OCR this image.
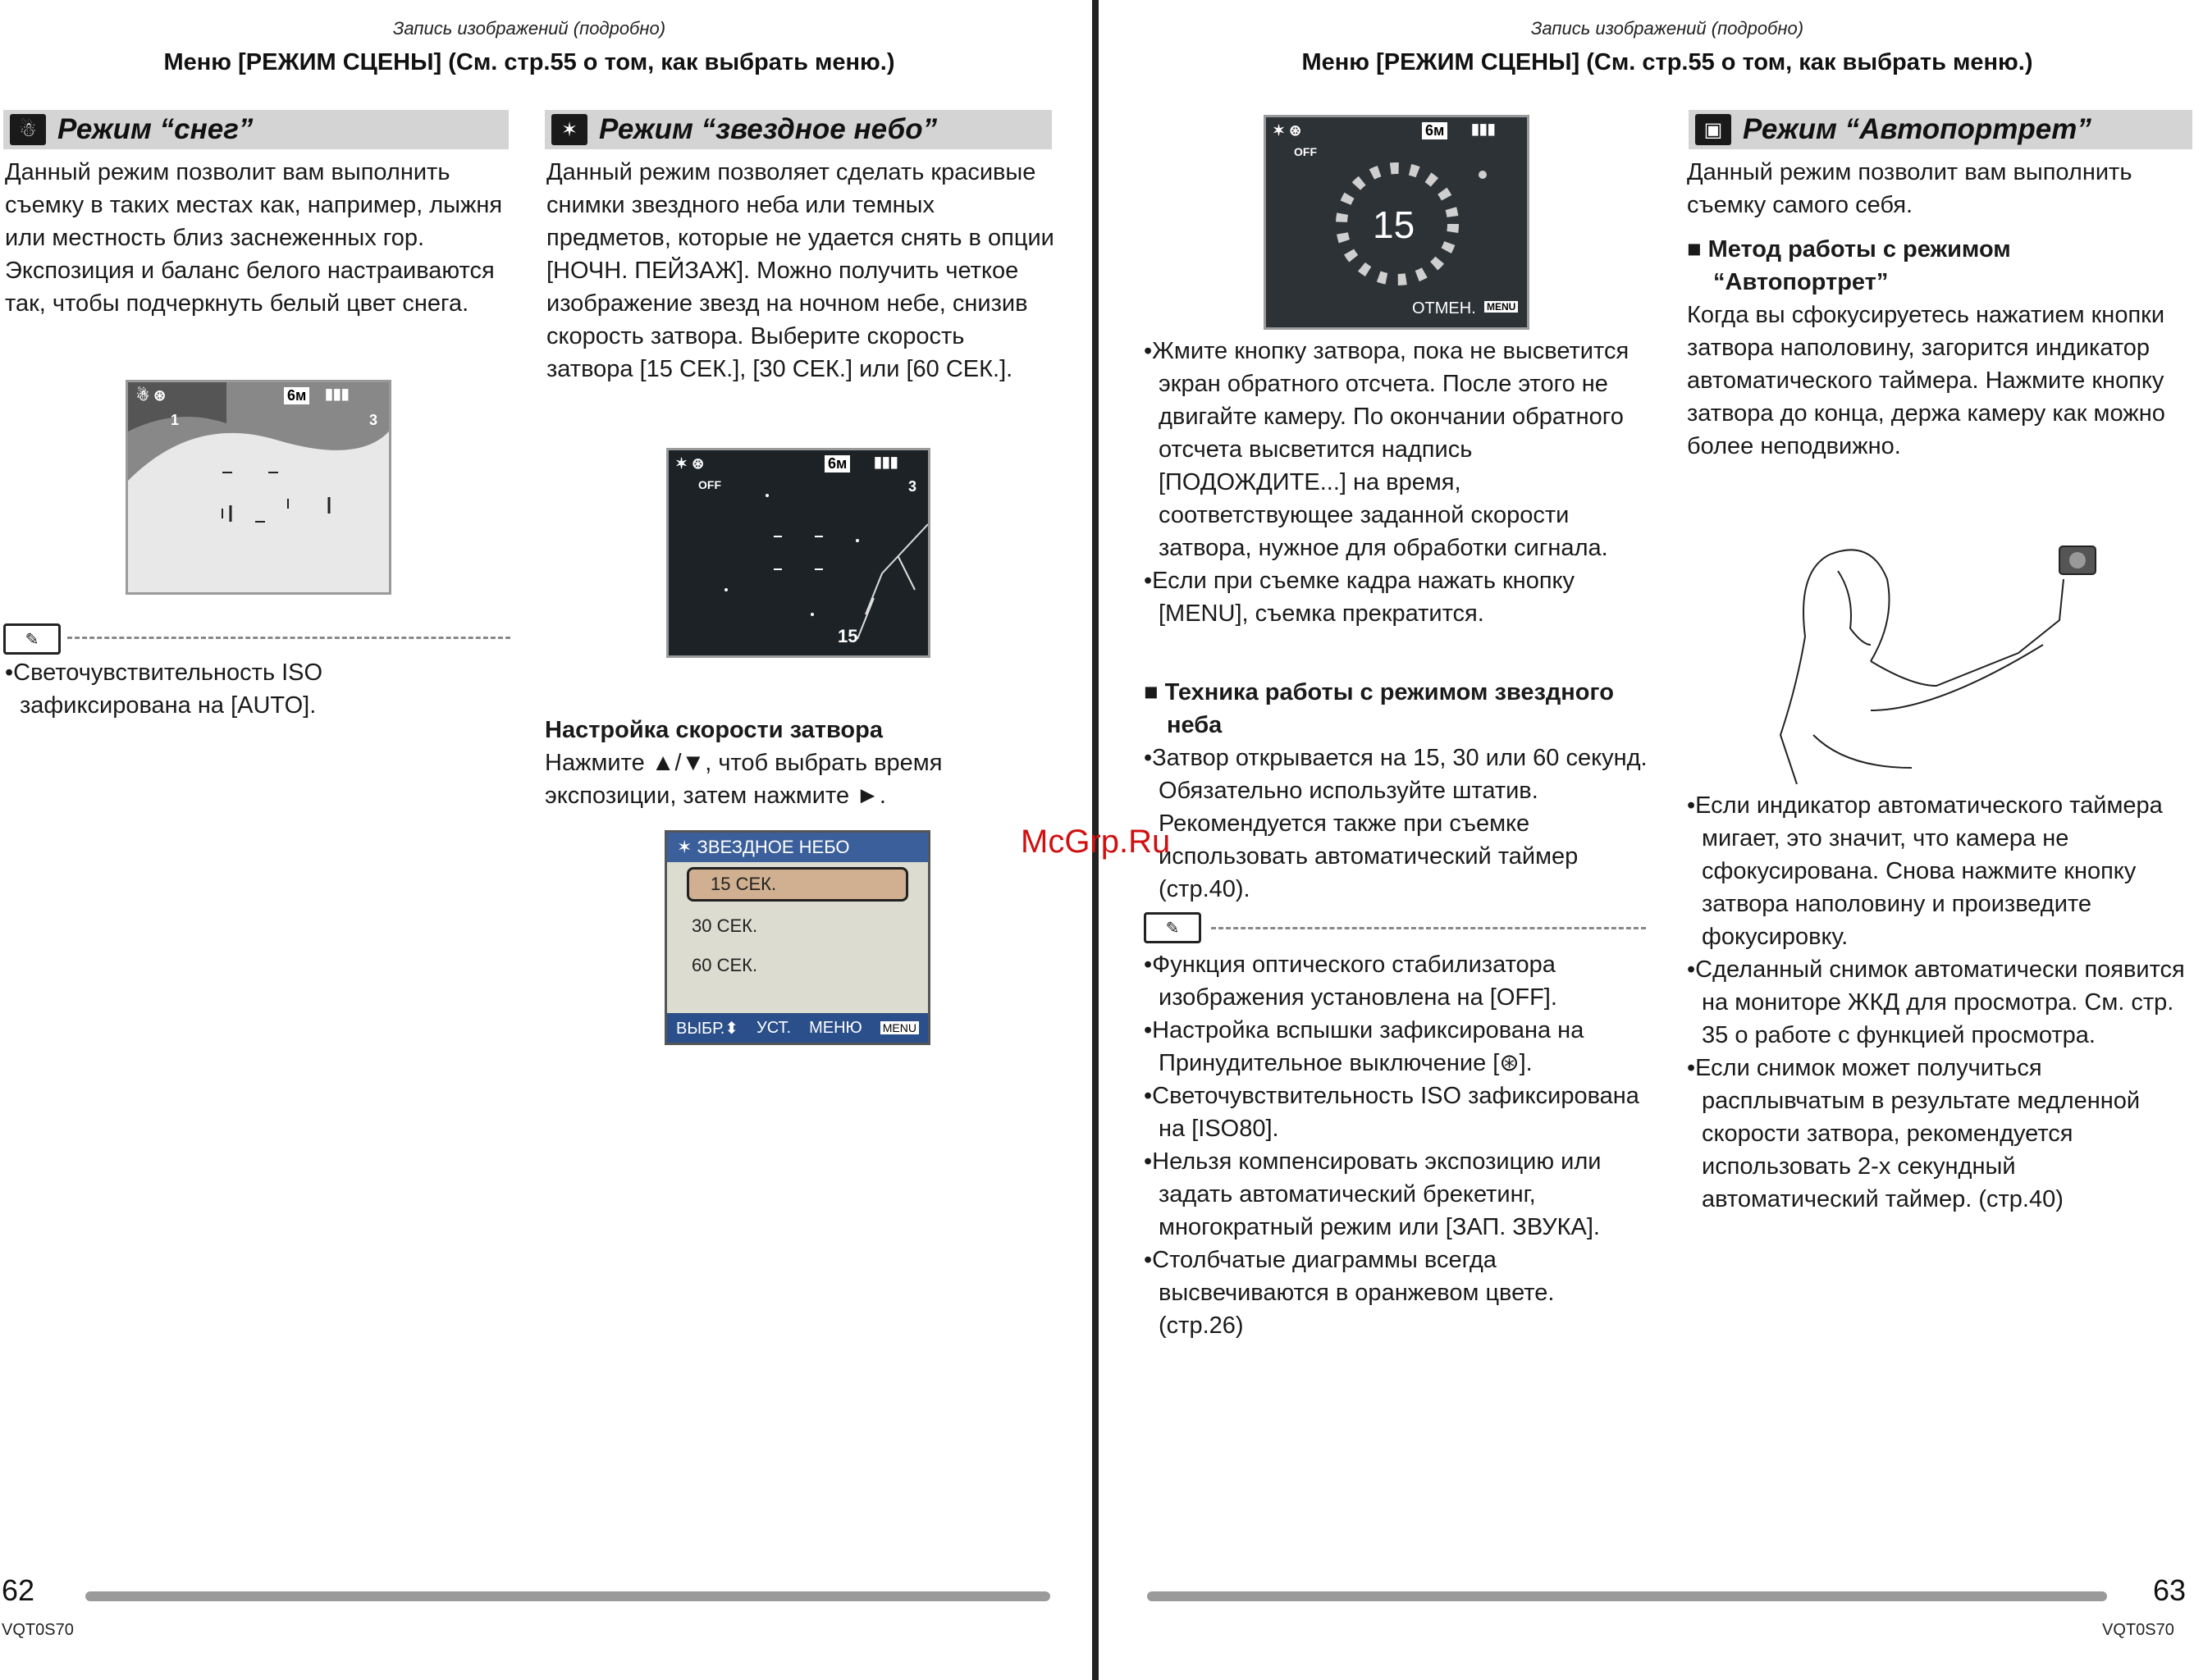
Запись изображений (подробно)
Меню [РЕЖИМ СЦЕНЫ] (См. стр.55 о том, как выбрать меню.)
☃ Режим “снег”
Данный режим позволит вам выполнить съемку в таких местах как, например, лыжня или местность близ заснеженных гор. Экспозиция и баланс белого настраиваются так, чтобы подчеркнуть белый цвет снега.
☃ ⊛	6м ▮▮▮
1	3
✎
•Светочувствительность ISO зафиксирована на [AUTO].
✶ Режим “звездное небо”
Данный режим позволяет сделать красивые снимки звездного неба или темных предметов, которые не удается снять в опции [НОЧН. ПЕЙЗАЖ]. Можно получить четкое изображение звезд на ночном небе, снизив скорость затвора. Выберите скорость затвора [15 СЕК.], [30 СЕК.] или [60 СЕК.].
✶ ⊛	6м ▮▮▮
OFF	3
15
Настройка скорости затвора
Нажмите ▲/▼, чтоб выбрать время экспозиции, затем нажмите ►.
✶ ЗВЕЗДНОЕ НЕБО
15 СЕК.
30 СЕК.
60 СЕК.
ВЫБР.⬍ УСТ. МЕНЮ MENU
62
VQT0S70
Запись изображений (подробно)
Меню [РЕЖИМ СЦЕНЫ] (См. стр.55 о том, как выбрать меню.)
✶ ⊛	6м ▮▮▮
OFF
15
ОТМЕН. MENU
•Жмите кнопку затвора, пока не высветится экран обратного отсчета. После этого не двигайте камеру. По окончании обратного отсчета высветится надпись [ПОДОЖДИТЕ...] на время, соответствующее заданной скорости затвора, нужное для обработки сигнала.
•Если при съемке кадра нажать кнопку [MENU], съемка прекратится.
■ Техника работы с режимом звездного неба
•Затвор открывается на 15, 30 или 60 секунд. Обязательно используйте штатив. Рекомендуется также при съемке использовать автоматический таймер (стр.40).
✎
•Функция оптического стабилизатора изображения установлена на [OFF].
•Настройка вспышки зафиксирована на Принудительное выключение [⊛].
•Светочувствительность ISO зафиксирована на [ISO80].
•Нельзя компенсировать экспозицию или задать автоматический брекетинг, многократный режим или [ЗАП. ЗВУКА].
•Столбчатые диаграммы всегда высвечиваются в оранжевом цвете. (стр.26)
▣ Режим “Автопортрет”
Данный режим позволит вам выполнить съемку самого себя.
■ Метод работы с режимом
“Автопортрет”
Когда вы сфокусируетесь нажатием кнопки затвора наполовину, загорится индикатор автоматического таймера. Нажмите кнопку затвора до конца, держа камеру как можно более неподвижно.
•Если индикатор автоматического таймера мигает, это значит, что камера не сфокусирована. Снова нажмите кнопку затвора наполовину и произведите фокусировку.
•Сделанный снимок автоматически появится на мониторе ЖКД для просмотра. См. стр. 35 о работе с функцией просмотра.
•Если снимок может получиться расплывчатым в результате медленной скорости затвора, рекомендуется использовать 2-х секундный автоматический таймер. (стр.40)
63
VQT0S70
McGrp.Ru
